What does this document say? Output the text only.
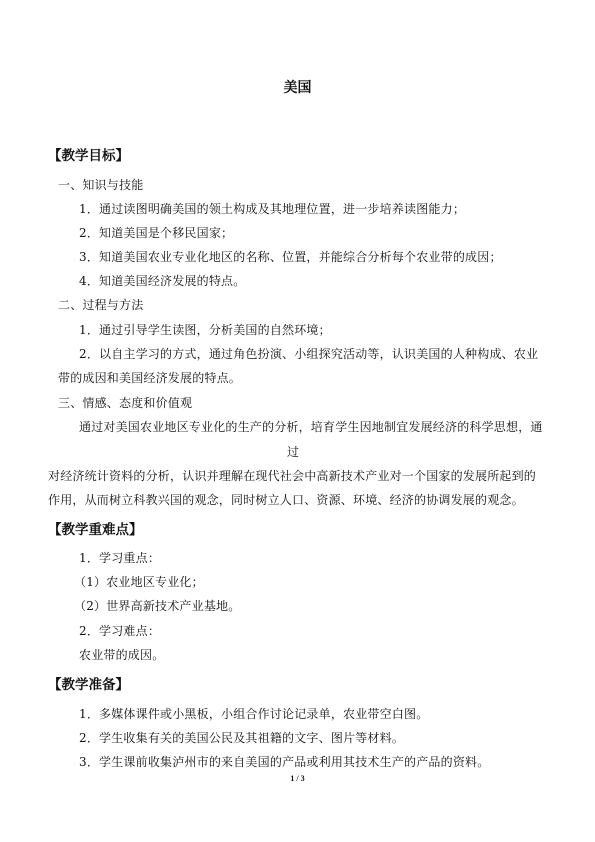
美国
【教学目标】
一、知识与技能
1．通过读图明确美国的领土构成及其地理位置，进一步培养读图能力；
2．知道美国是个移民国家；
3．知道美国农业专业化地区的名称、位置，并能综合分析每个农业带的成因；
4．知道美国经济发展的特点。
二、过程与方法
1．通过引导学生读图，分析美国的自然环境；
2．以自主学习的方式，通过角色扮演、小组探究活动等，认识美国的人种构成、农业
带的成因和美国经济发展的特点。
三、情感、态度和价值观
通过对美国农业地区专业化的生产的分析，培育学生因地制宜发展经济的科学思想，通
过
对经济统计资料的分析，认识并理解在现代社会中高新技术产业对一个国家的发展所起到的
作用，从而树立科教兴国的观念，同时树立人口、资源、环境、经济的协调发展的观念。
【教学重难点】
1．学习重点：
（1）农业地区专业化；
（2）世界高新技术产业基地。
2．学习难点：
农业带的成因。
【教学准备】
1．多媒体课件或小黑板，小组合作讨论记录单，农业带空白图。
2．学生收集有关的美国公民及其祖籍的文字、图片等材料。
3．学生课前收集泸州市的来自美国的产品或利用其技术生产的产品的资料。
1 / 3
